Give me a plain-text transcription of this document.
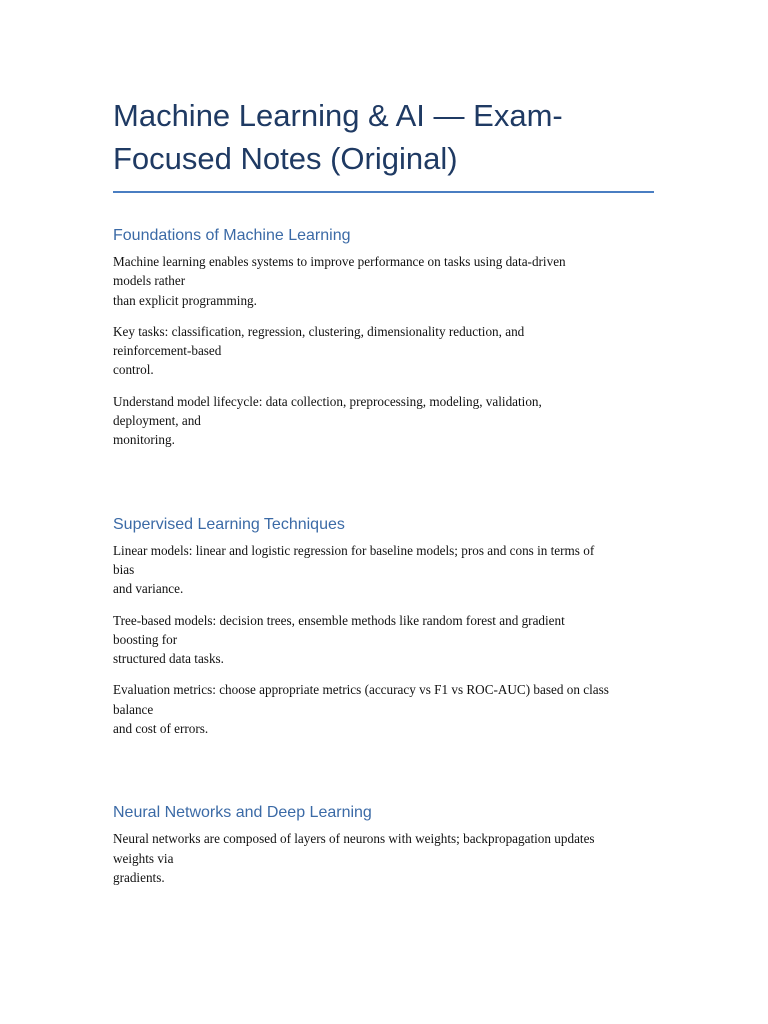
Machine Learning & AI — Exam-
Focused Notes (Original)
Foundations of Machine Learning

Machine learning enables systems to improve performance on tasks using data-driven
models rather
than explicit programming.

Key tasks: classification, regression, clustering, dimensionality reduction, and
reinforcement-based
control.

Understand model lifecycle: data collection, preprocessing, modeling, validation,
deployment, and
monitoring.

Supervised Learning Techniques

Linear models: linear and logistic regression for baseline models; pros and cons in terms of
bias
and variance.

Tree-based models: decision trees, ensemble methods like random forest and gradient
boosting for
structured data tasks.

Evaluation metrics: choose appropriate metrics (accuracy vs F1 vs ROC-AUC) based on class
balance
and cost of errors.

Neural Networks and Deep Learning

Neural networks are composed of layers of neurons with weights; backpropagation updates
weights via
gradients.
